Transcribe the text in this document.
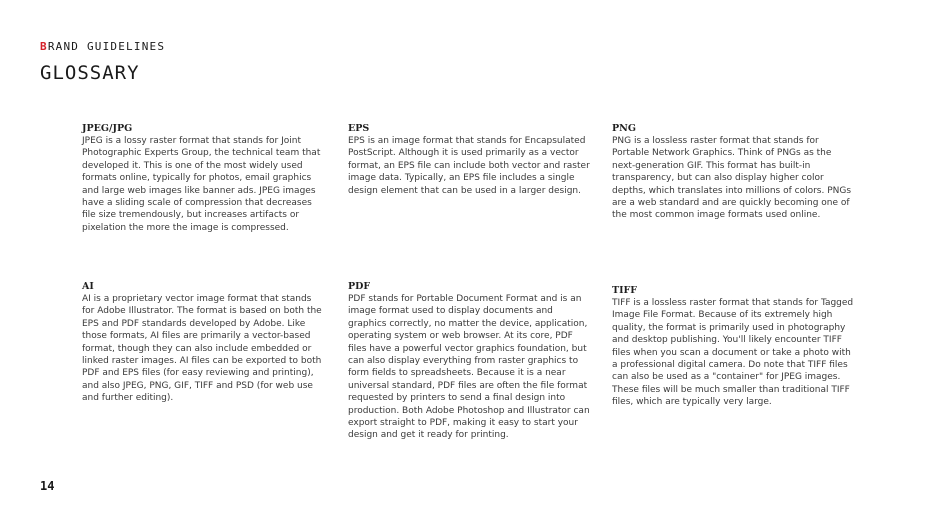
BRAND GUIDELINES
GLOSSARY

JPEG/JPG

JPEG is a lossy raster format that stands for Joint Photographic Experts Group, the technical team that developed it. This is one of the most widely used formats online, typically for photos, email graphics and large web images like banner ads. JPEG images have a sliding scale of compression that decreases file size tremendously, but increases artifacts or pixelation the more the image is compressed.

EPS

EPS is an image format that stands for Encapsulated PostScript. Although it is used primarily as a vector format, an EPS file can include both vector and raster image data. Typically, an EPS file includes a single design element that can be used in a larger design.

PNG

PNG is a lossless raster format that stands for Portable Network Graphics. Think of PNGs as the next-generation GIF. This format has built-in transparency, but can also display higher color depths, which translates into millions of colors. PNGs are a web standard and are quickly becoming one of the most common image formats used online.

AI

AI is a proprietary vector image format that stands for Adobe Illustrator. The format is based on both the EPS and PDF standards developed by Adobe. Like those formats, AI files are primarily a vector-based format, though they can also include embedded or linked raster images. AI files can be exported to both PDF and EPS files (for easy reviewing and printing), and also JPEG, PNG, GIF, TIFF and PSD (for web use and further editing).

PDF

PDF stands for Portable Document Format and is an image format used to display documents and graphics correctly, no matter the device, application, operating system or web browser. At its core, PDF files have a powerful vector graphics foundation, but can also display everything from raster graphics to form fields to spreadsheets. Because it is a near universal standard, PDF files are often the file format requested by printers to send a final design into production. Both Adobe Photoshop and Illustrator can export straight to PDF, making it easy to start your design and get it ready for printing.

TIFF

TIFF is a lossless raster format that stands for Tagged Image File Format. Because of its extremely high quality, the format is primarily used in photography and desktop publishing. You'll likely encounter TIFF files when you scan a document or take a photo with a professional digital camera. Do note that TIFF files can also be used as a "container" for JPEG images. These files will be much smaller than traditional TIFF files, which are typically very large.

14
